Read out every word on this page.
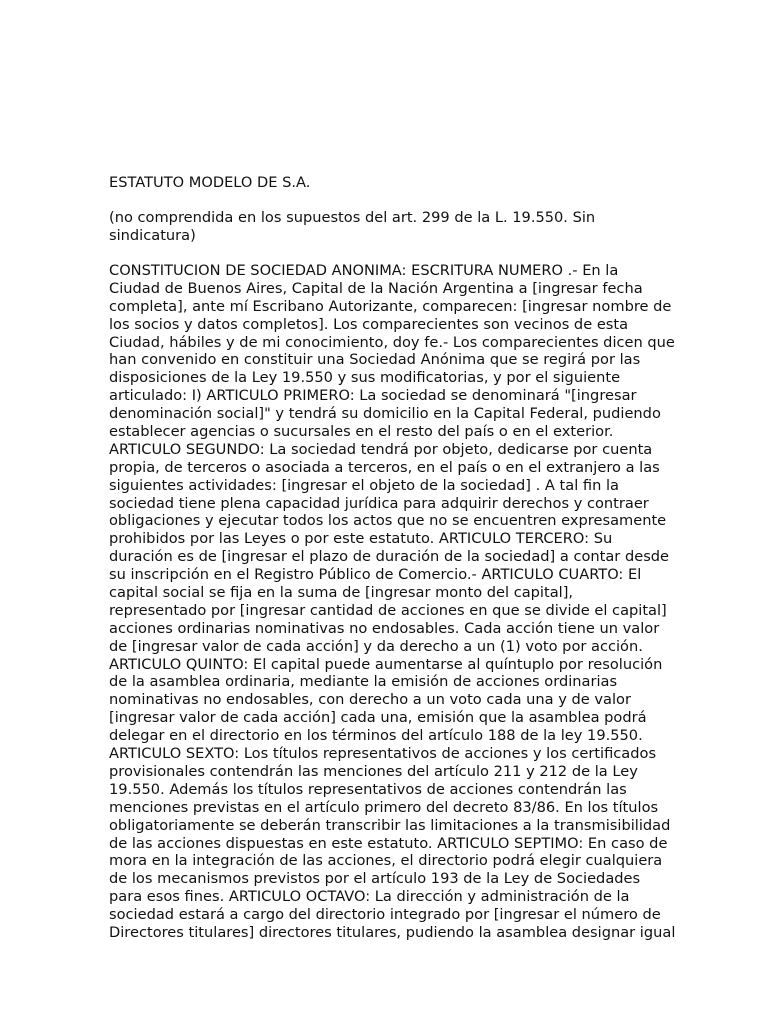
ESTATUTO MODELO DE S.A.
(no comprendida en los supuestos del art. 299 de la L. 19.550. Sin
sindicatura)
CONSTITUCION DE SOCIEDAD ANONIMA: ESCRITURA NUMERO .- En la
Ciudad de Buenos Aires, Capital de la Nación Argentina a [ingresar fecha
completa], ante mí Escribano Autorizante, comparecen: [ingresar nombre de
los socios y datos completos]. Los comparecientes son vecinos de esta
Ciudad, hábiles y de mi conocimiento, doy fe.- Los comparecientes dicen que
han convenido en constituir una Sociedad Anónima que se regirá por las
disposiciones de la Ley 19.550 y sus modificatorias, y por el siguiente
articulado: I) ARTICULO PRIMERO: La sociedad se denominará "[ingresar
denominación social]" y tendrá su domicilio en la Capital Federal, pudiendo
establecer agencias o sucursales en el resto del país o en el exterior.
ARTICULO SEGUNDO: La sociedad tendrá por objeto, dedicarse por cuenta
propia, de terceros o asociada a terceros, en el país o en el extranjero a las
siguientes actividades: [ingresar el objeto de la sociedad] . A tal fin la
sociedad tiene plena capacidad jurídica para adquirir derechos y contraer
obligaciones y ejecutar todos los actos que no se encuentren expresamente
prohibidos por las Leyes o por este estatuto. ARTICULO TERCERO: Su
duración es de [ingresar el plazo de duración de la sociedad] a contar desde
su inscripción en el Registro Público de Comercio.- ARTICULO CUARTO: El
capital social se fija en la suma de [ingresar monto del capital],
representado por [ingresar cantidad de acciones en que se divide el capital]
acciones ordinarias nominativas no endosables. Cada acción tiene un valor
de [ingresar valor de cada acción] y da derecho a un (1) voto por acción.
ARTICULO QUINTO: El capital puede aumentarse al quíntuplo por resolución
de la asamblea ordinaria, mediante la emisión de acciones ordinarias
nominativas no endosables, con derecho a un voto cada una y de valor
[ingresar valor de cada acción] cada una, emisión que la asamblea podrá
delegar en el directorio en los términos del artículo 188 de la ley 19.550.
ARTICULO SEXTO: Los títulos representativos de acciones y los certificados
provisionales contendrán las menciones del artículo 211 y 212 de la Ley
19.550. Además los títulos representativos de acciones contendrán las
menciones previstas en el artículo primero del decreto 83/86. En los títulos
obligatoriamente se deberán transcribir las limitaciones a la transmisibilidad
de las acciones dispuestas en este estatuto. ARTICULO SEPTIMO: En caso de
mora en la integración de las acciones, el directorio podrá elegir cualquiera
de los mecanismos previstos por el artículo 193 de la Ley de Sociedades
para esos fines. ARTICULO OCTAVO: La dirección y administración de la
sociedad estará a cargo del directorio integrado por [ingresar el número de
Directores titulares] directores titulares, pudiendo la asamblea designar igual
